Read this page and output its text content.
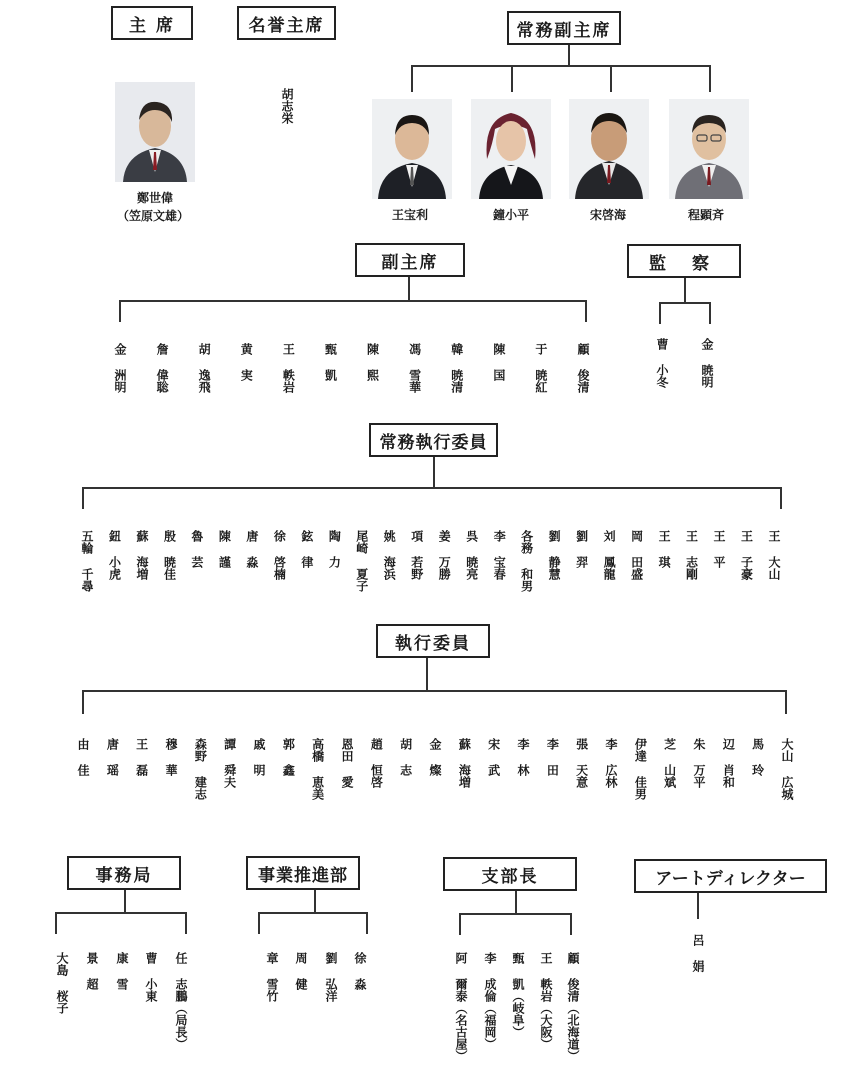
主 席	名誉主席	常務副主席
鄭世偉
（笠原文雄）
胡志栄
王宝利	鐘小平	宋啓海	程顕斉
副主席	監 察
金 洲明 詹 偉聡 胡 逸飛 黄 実 王 軼岩 甄 凱 陳 熙 馮 雪華 韓 暁清 陳 国 于 暁紅 顧 俊清	曹 小冬	金 暁明
常務執行委員
五輪 千尋 鈕 小虎 蘇 海増 殷 暁佳 魯 芸 陳 謹 唐 淼 徐 啓楠 鉉 律 陶 力 尾崎 夏子 姚 海浜 項 若野 姜 万勝 呉 暁亮 李 宝春 各務 和男 劉 静慧 劉 羿 刘 鳳龍 岡 田盛 王 琪 王 志剛 王 平 王 子豪 王 大山
執行委員
由 佳 唐 瑶 王 磊 穆 華 森野 建志 譚 舜夫 戚 明 郭 鑫 高橋 恵美 恩田 愛 趙 恒啓 胡 志 金 燦 蘇 海増 宋 武 李 林 李 田 張 天意 李 広林 伊達 佳男 芝 山斌 朱 万平 辺 肖和 馬 玲 大山 広城
事務局	事業推進部	支部長	アートディレクター
大島 桜子 景 超 康 雪 曹 小東 任 志鵬（局長）	章 雪竹 周 健 劉 弘洋 徐 淼	阿 爾泰（名古屋） 李 成倫（福岡） 甄 凱（岐阜） 王 軼岩（大阪） 顧 俊清（北海道）	呂 娟
